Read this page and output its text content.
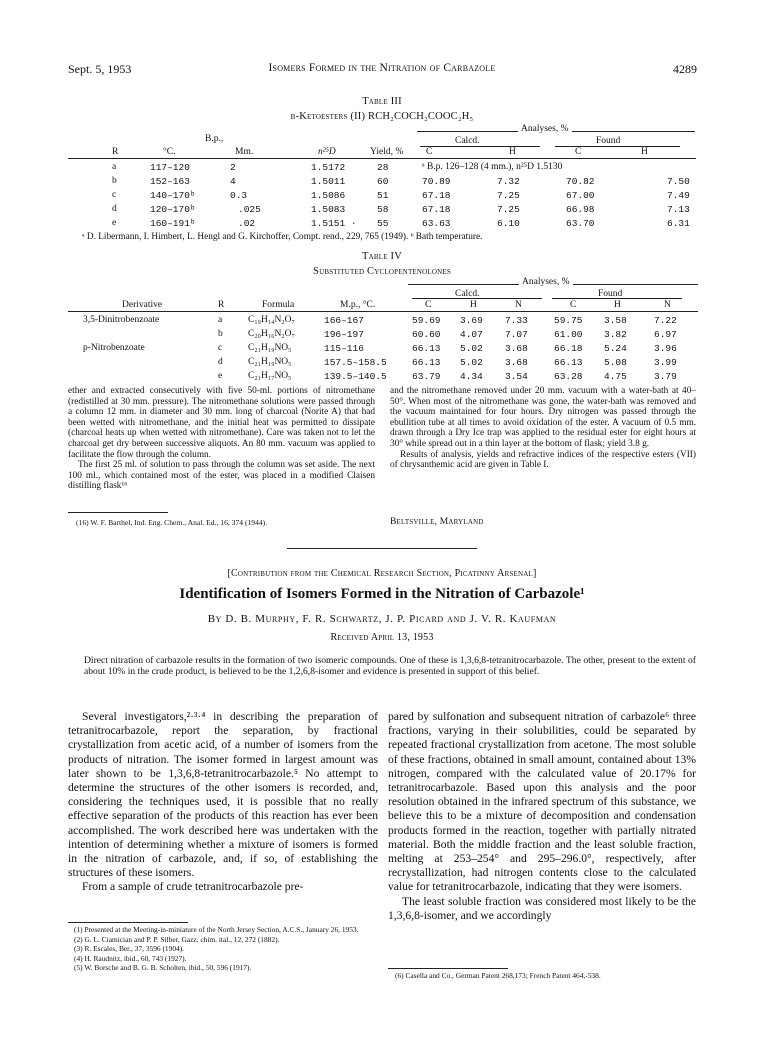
Sept. 5, 1953	Isomers Formed in the Nitration of Carbazole	4289
Table III
β-Ketoesters (II) RCH₂COCH₂COOC₂H₅
Analyses, %
B.p.,	Calcd.	Found
R	°C.	Mm.	n²⁵D	Yield, % C	H	C	H
a	117–120	2	1.5172	28	ᵃ B.p. 126–128 (4 mm.), n²⁵D 1.5130
b	152–163	4	1.5011	60	70.89	7.32	70.82	7.50
c	140–170ᵇ	0.3	1.5086	51	67.18	7.25	67.00	7.49
d	120–170ᵇ	.025	1.5083	58	67.18	7.25	66.98	7.13
e	160–191ᵇ	.02	1.5151 · 55	63.63	6.10	63.70	6.31
ᵃ D. Libermann, I. Himbert, L. Hengl and G. Kirchoffer, Compt. rend., 229, 765 (1949). ᵇ Bath temperature.
Table IV
Substituted Cyclopentenolones
Analyses, %
Calcd.	Found
Derivative	R	Formula	M.p., °C.	C	H	N	C	H	N
3,5-Dinitrobenzoate	a	C₁₉H₁₄N₂O₇	166–167	59.69 3.69 7.33	59.75 3.58	7.22
b	C₂₀H₁₆N₂O₇	196–197	60.60 4.07 7.07	61.00 3.82	6.97
p-Nitrobenzoate	c	C₂₁H₁₉NO₅	115–116	66.13 5.02 3.68	66.18 5.24	3.96
d	C₂₁H₁₉NO₅	157.5–158.5	66.13 5.02 3.68	66.13 5.08	3.99
e	C₂₁H₁₇NO₅	139.5–140.5	63.79 4.34 3.54	63.28 4.75	3.79

ether and extracted consecutively with five 50-ml. portions of nitromethane (redistilled at 30 mm. pressure). The nitromethane solutions were passed through a column 12 mm. in diameter and 30 mm. long of charcoal (Norite A) that had been wetted with nitromethane, and the initial heat was permitted to dissipate (charcoal heats up when wetted with nitromethane). Care was taken not to let the charcoal get dry between successive aliquots. An 80 mm. vacuum was applied to facilitate the flow through the column.

The first 25 ml. of solution to pass through the column was set aside. The next 100 ml., which contained most of the ester, was placed in a modified Claisen distilling flask¹⁶

(16) W. F. Barthel, Ind. Eng. Chem., Anal. Ed., 16, 374 (1944).

and the nitromethane removed under 20 mm. vacuum with a water-bath at 40–50°. When most of the nitromethane was gone, the water-bath was removed and the vacuum maintained for four hours. Dry nitrogen was passed through the ebullition tube at all times to avoid oxidation of the ester. A vacuum of 0.5 mm. drawn through a Dry Ice trap was applied to the residual ester for eight hours at 30° while spread out in a thin layer at the bottom of flask; yield 3.8 g.

Results of analysis, yields and refractive indices of the respective esters (VII) of chrysanthemic acid are given in Table I.

Beltsville, Maryland
[Contribution from the Chemical Research Section, Picatinny Arsenal]
Identification of Isomers Formed in the Nitration of Carbazole¹
By D. B. Murphy, F. R. Schwartz, J. P. Picard and J. V. R. Kaufman
Received April 13, 1953
Direct nitration of carbazole results in the formation of two isomeric compounds. One of these is 1,3,6,8-tetranitrocarbazole. The other, present to the extent of about 10% in the crude product, is believed to be the 1,2,6,8-isomer and evidence is presented in support of this belief.

Several investigators,²·³·⁴ in describing the preparation of tetranitrocarbazole, report the separation, by fractional crystallization from acetic acid, of a number of isomers from the products of nitration. The isomer formed in largest amount was later shown to be 1,3,6,8-tetranitrocarbazole.⁵ No attempt to determine the structures of the other isomers is recorded, and, considering the techniques used, it is possible that no really effective separation of the products of this reaction has ever been accomplished. The work described here was undertaken with the intention of determining whether a mixture of isomers is formed in the nitration of carbazole, and, if so, of establishing the structures of these isomers.

From a sample of crude tetranitrocarbazole pre-

(1) Presented at the Meeting-in-miniature of the North Jersey Section, A.C.S., January 26, 1953.
(2) G. L. Ciamician and P. P. Silber, Gazz. chim. ital., 12, 272 (1882).
(3) R. Escales, Ber., 37, 3596 (1904).
(4) H. Raudnitz, ibid., 60, 743 (1927).
(5) W. Borsche and B. G. B. Scholten, ibid., 50, 596 (1917).

pared by sulfonation and subsequent nitration of carbazole⁶ three fractions, varying in their solubilities, could be separated by repeated fractional crystallization from acetone. The most soluble of these fractions, obtained in small amount, contained about 13% nitrogen, compared with the calculated value of 20.17% for tetranitrocarbazole. Based upon this analysis and the poor resolution obtained in the infrared spectrum of this substance, we believe this to be a mixture of decomposition and condensation products formed in the reaction, together with partially nitrated material. Both the middle fraction and the least soluble fraction, melting at 253–254° and 295–296.0°, respectively, after recrystallization, had nitrogen contents close to the calculated value for tetranitrocarbazole, indicating that they were isomers.

The least soluble fraction was considered most likely to be the 1,3,6,8-isomer, and we accordingly

(6) Casella and Co., German Patent 268,173; French Patent 464,-538.
